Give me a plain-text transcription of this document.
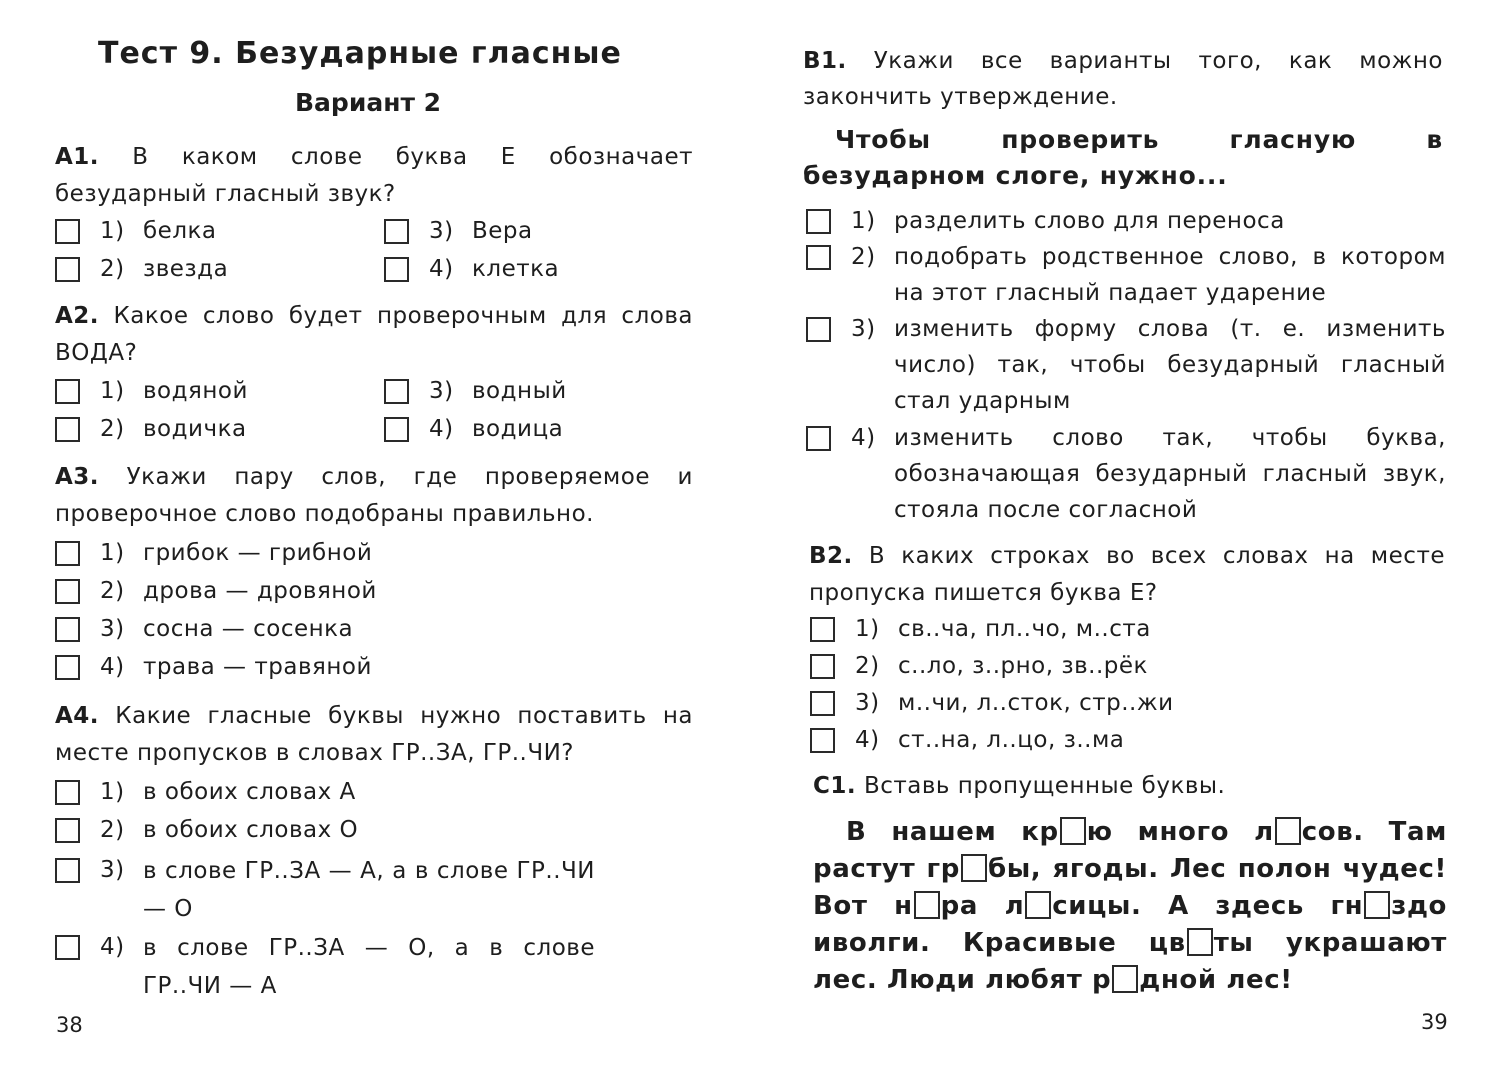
Тест 9. Безударные гласные
Вариант 2
A1. В каком слове буква Е обозначает безударный гласный звук?
1) белка
2) звезда
3) Вера
4) клетка
A2. Какое слово будет проверочным для слова ВОДА?
1) водяной
2) водичка
3) водный
4) водица
A3. Укажи пару слов, где проверяемое и проверочное слово подобраны правильно.
1) грибок — грибной
2) дрова — дровяной
3) сосна — сосенка
4) трава — травяной
A4. Какие гласные буквы нужно поставить на месте пропусков в словах ГР..ЗА, ГР..ЧИ?
1) в обоих словах А
2) в обоих словах О
3) в слове ГР..ЗА — А, а в слове ГР..ЧИ — О
4) в слове ГР..ЗА — О, а в слове ГР..ЧИ — А
38
B1. Укажи все варианты того, как можно закончить утверждение.
Чтобы проверить гласную в безударном слоге, нужно...
1) разделить слово для переноса
2) подобрать родственное слово, в котором на этот гласный падает ударение
3) изменить форму слова (т. е. изменить число) так, чтобы безударный гласный стал ударным
4) изменить слово так, чтобы буква, обозначающая безударный гласный звук, стояла после согласной
B2. В каких строках во всех словах на месте пропуска пишется буква Е?
1) св..ча, пл..чо, м..ста
2) с..ло, з..рно, зв..рёк
3) м..чи, л..сток, стр..жи
4) ст..на, л..цо, з..ма
C1. Вставь пропущенные буквы.
В нашем кр ю много л сов. Там растут гр бы, ягоды. Лес полон чудес! Вот н ра л сицы. А здесь гн здо иволги. Красивые цв ты украшают лес. Люди любят р дной лес!
39
